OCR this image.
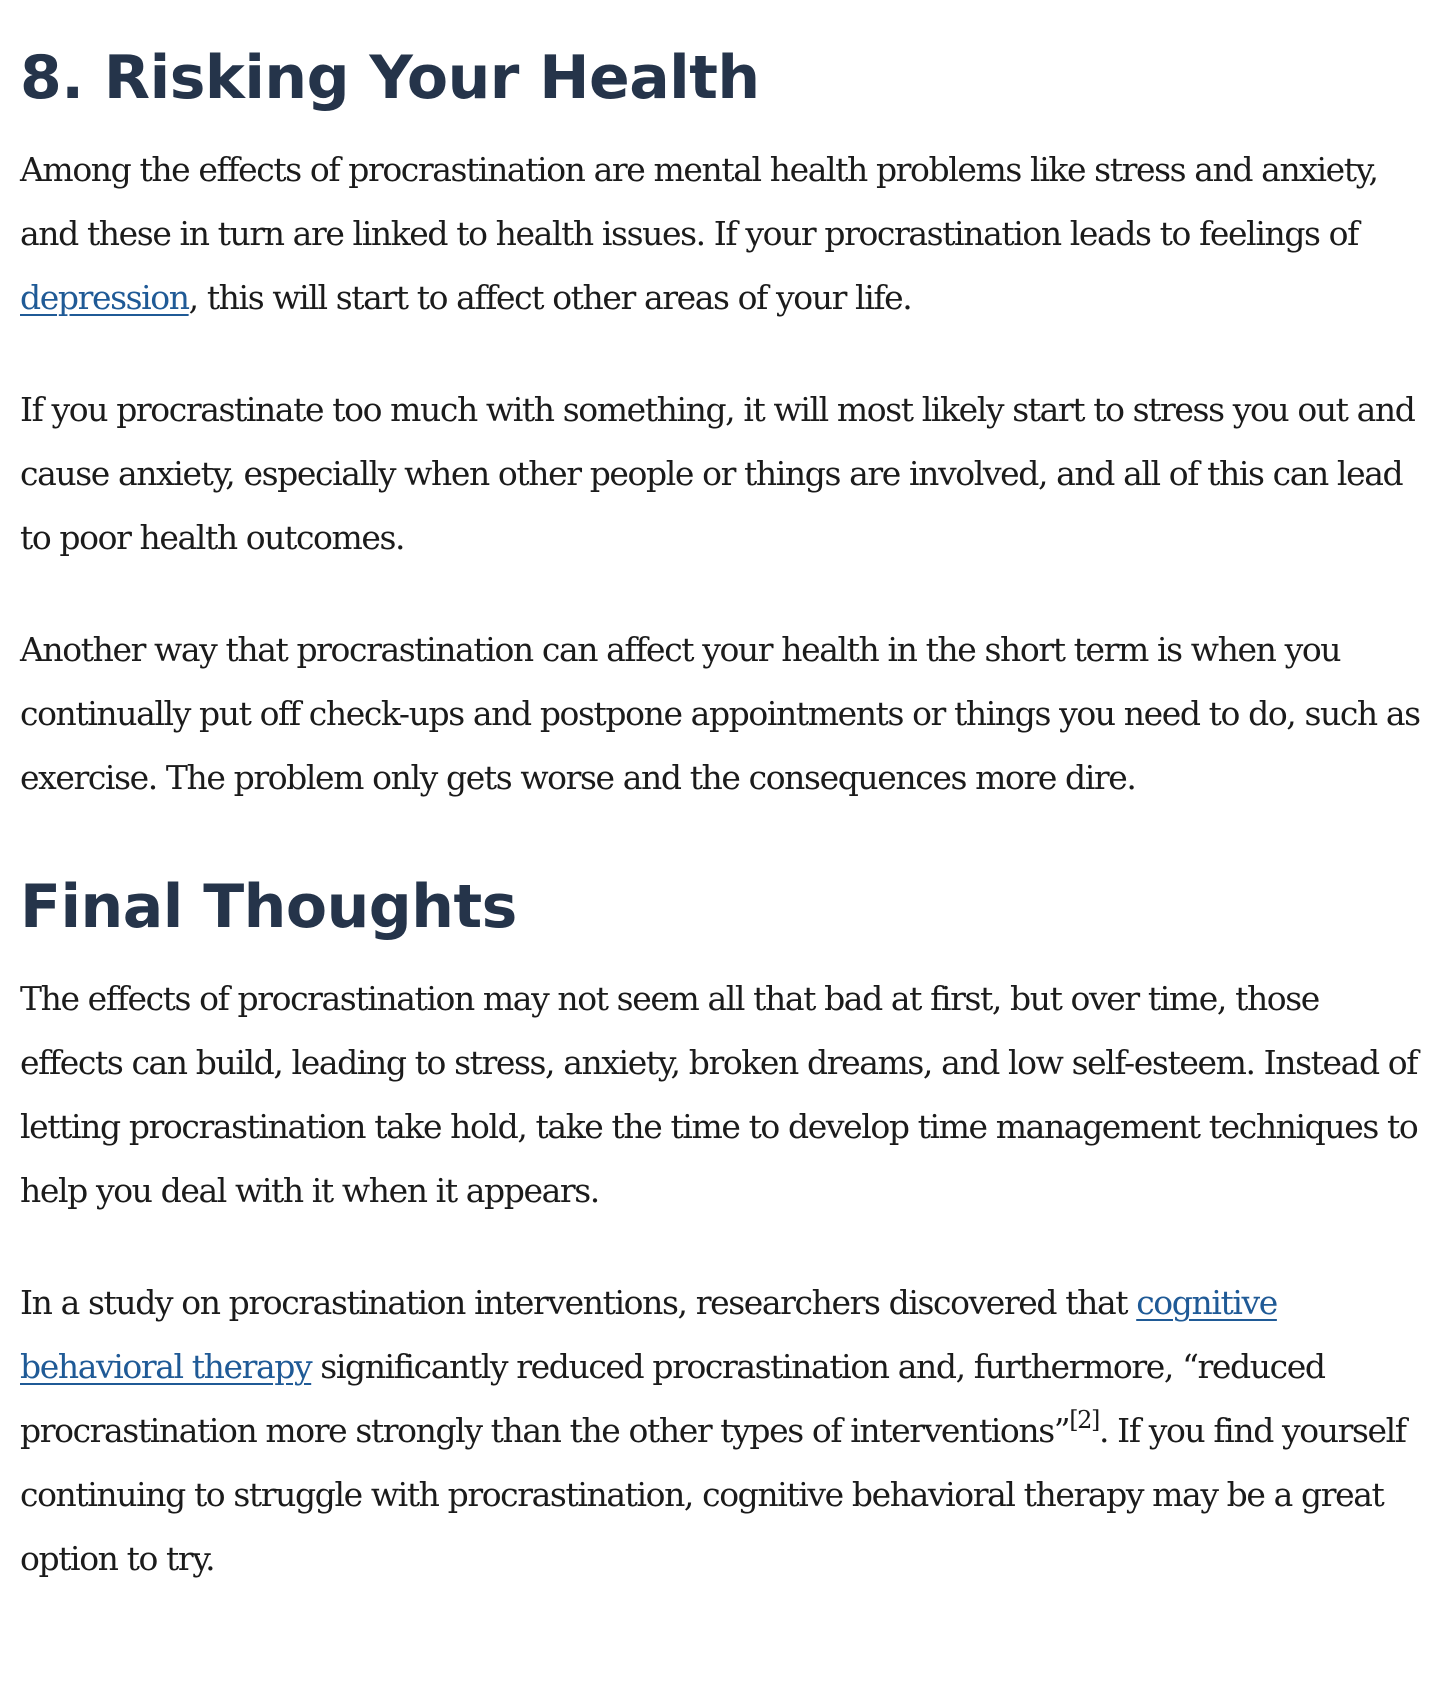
8. Risking Your Health

Among the effects of procrastination are mental health problems like stress and anxiety, and these in turn are linked to health issues. If your procrastination leads to feelings of depression, this will start to affect other areas of your life.

If you procrastinate too much with something, it will most likely start to stress you out and cause anxiety, especially when other people or things are involved, and all of this can lead to poor health outcomes.

Another way that procrastination can affect your health in the short term is when you continually put off check-ups and postpone appointments or things you need to do, such as exercise. The problem only gets worse and the consequences more dire.

Final Thoughts

The effects of procrastination may not seem all that bad at first, but over time, those effects can build, leading to stress, anxiety, broken dreams, and low self-esteem. Instead of letting procrastination take hold, take the time to develop time management techniques to help you deal with it when it appears.

In a study on procrastination interventions, researchers discovered that cognitive behavioral therapy significantly reduced procrastination and, furthermore, “reduced procrastination more strongly than the other types of interventions”[2]. If you find yourself continuing to struggle with procrastination, cognitive behavioral therapy may be a great option to try.
